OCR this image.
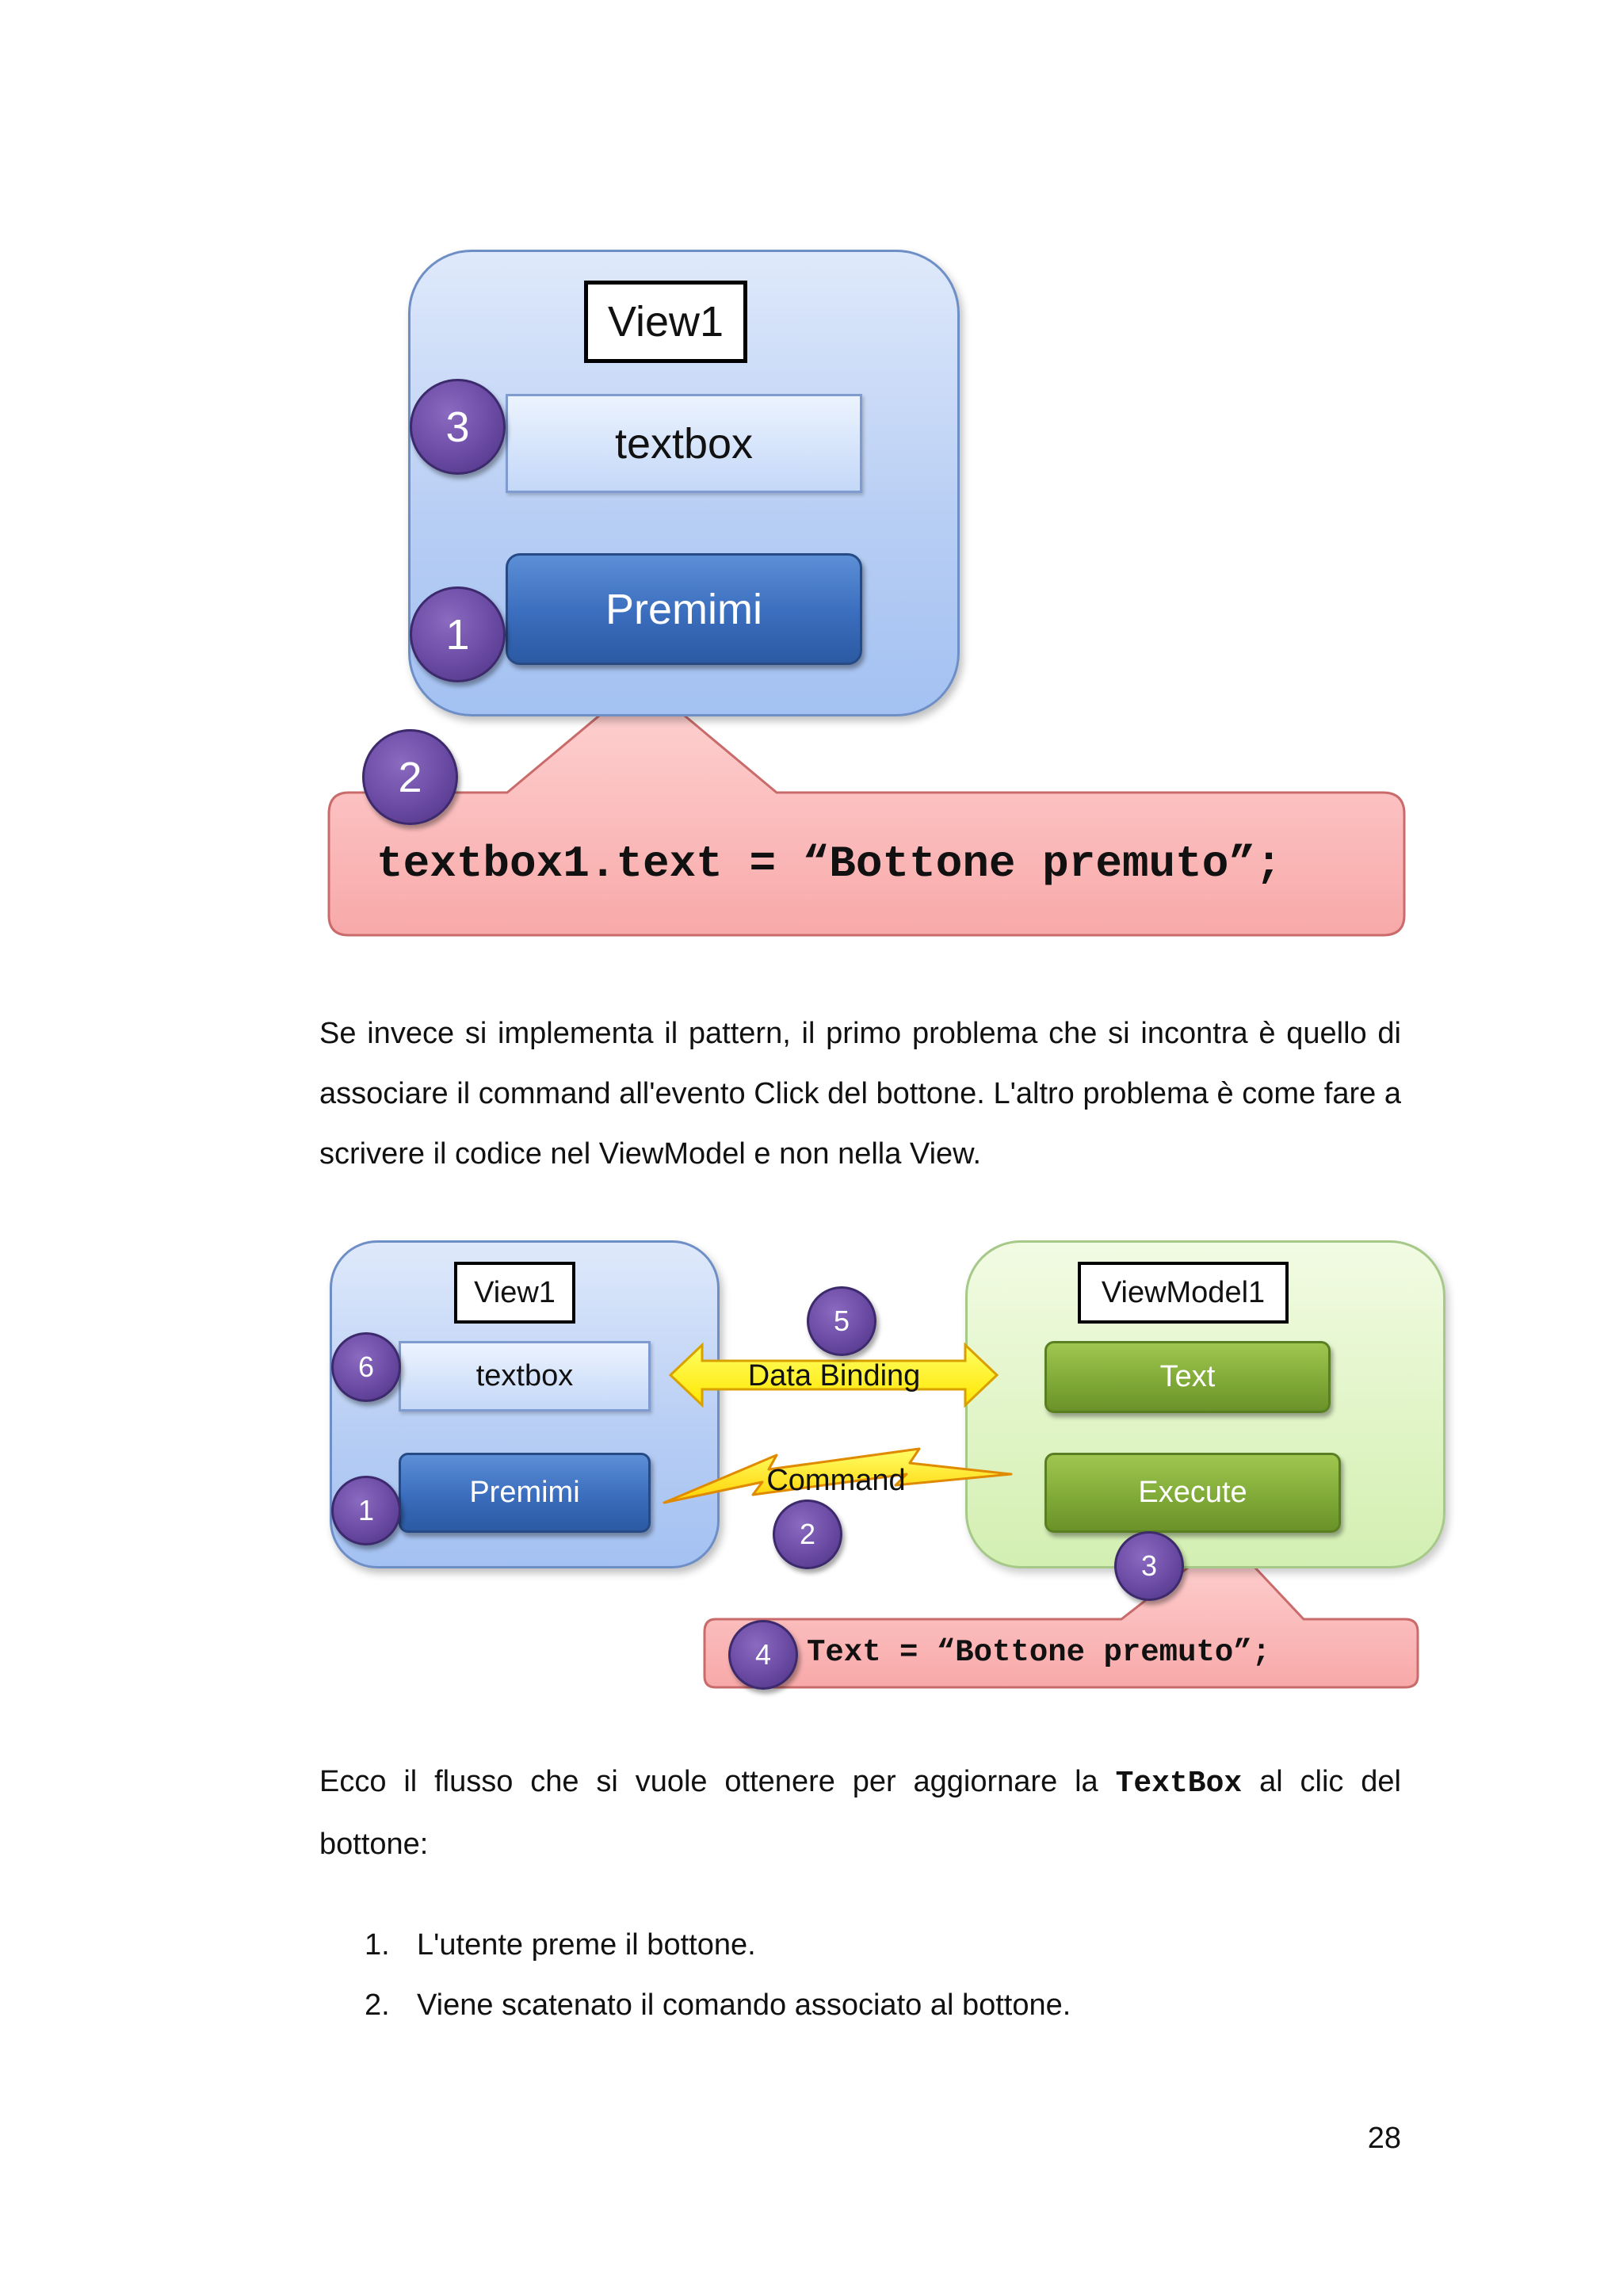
View1
textbox
Premimi
3
1
2
textbox1.text = “Bottone premuto”;
Se invece si implementa il pattern, il primo problema che si incontra è quello di
associare il command all'evento Click del bottone. L'altro problema è come fare a
scrivere il codice nel ViewModel e non nella View.
View1	ViewModel1
textbox
Premimi
Text
Execute
Data Binding
Command
5
6
1
2
3
4	Text = “Bottone premuto”;
Ecco il flusso che si vuole ottenere per aggiornare la TextBox al clic del
bottone:
1. L'utente preme il bottone.
2. Viene scatenato il comando associato al bottone.
28
